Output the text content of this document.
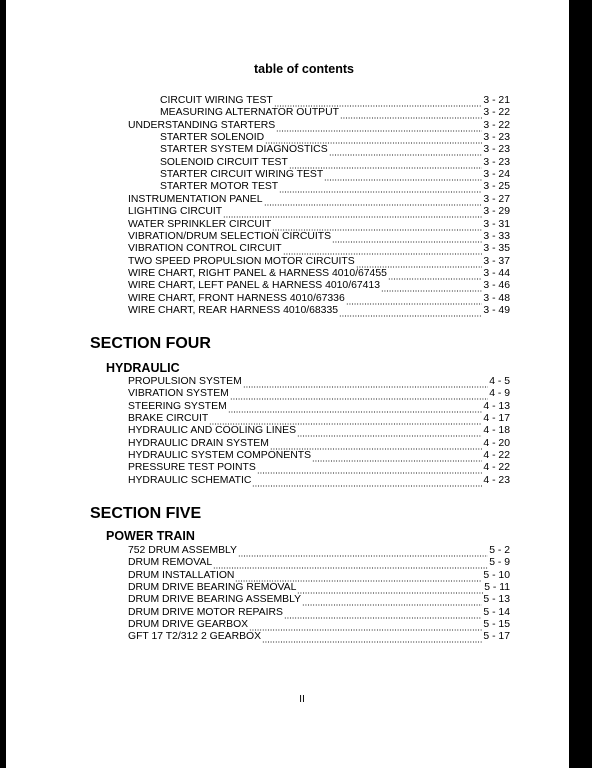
table of contents
CIRCUIT WIRING TEST	3 - 21
MEASURING ALTERNATOR OUTPUT	3 - 22
UNDERSTANDING STARTERS	3 - 22
STARTER SOLENOID	3 - 23
STARTER SYSTEM DIAGNOSTICS	3 - 23
SOLENOID CIRCUIT TEST	3 - 23
STARTER CIRCUIT WIRING TEST	3 - 24
STARTER MOTOR TEST	3 - 25
INSTRUMENTATION PANEL	3 - 27
LIGHTING CIRCUIT	3 - 29
WATER SPRINKLER CIRCUIT	3 - 31
VIBRATION/DRUM SELECTION CIRCUITS	3 - 33
VIBRATION CONTROL CIRCUIT	3 - 35
TWO SPEED PROPULSION MOTOR CIRCUITS	3 - 37
WIRE CHART, RIGHT PANEL & HARNESS 4010/67455	3 - 44
WIRE CHART, LEFT PANEL & HARNESS 4010/67413	3 - 46
WIRE CHART, FRONT HARNESS 4010/67336	3 - 48
WIRE CHART, REAR HARNESS 4010/68335	3 - 49
SECTION FOUR
HYDRAULIC
PROPULSION SYSTEM	4 - 5
VIBRATION SYSTEM	4 - 9
STEERING SYSTEM	4 - 13
BRAKE CIRCUIT	4 - 17
HYDRAULIC AND COOLING LINES	4 - 18
HYDRAULIC DRAIN SYSTEM	4 - 20
HYDRAULIC SYSTEM COMPONENTS	4 - 22
PRESSURE TEST POINTS	4 - 22
HYDRAULIC SCHEMATIC	4 - 23
SECTION FIVE
POWER TRAIN
752 DRUM ASSEMBLY	5 - 2
DRUM REMOVAL	5 - 9
DRUM INSTALLATION	5 - 10
DRUM DRIVE BEARING REMOVAL	5 - 11
DRUM DRIVE BEARING ASSEMBLY	5 - 13
DRUM DRIVE MOTOR REPAIRS	5 - 14
DRUM DRIVE GEARBOX	5 - 15
GFT 17 T2/312 2 GEARBOX	5 - 17
II
